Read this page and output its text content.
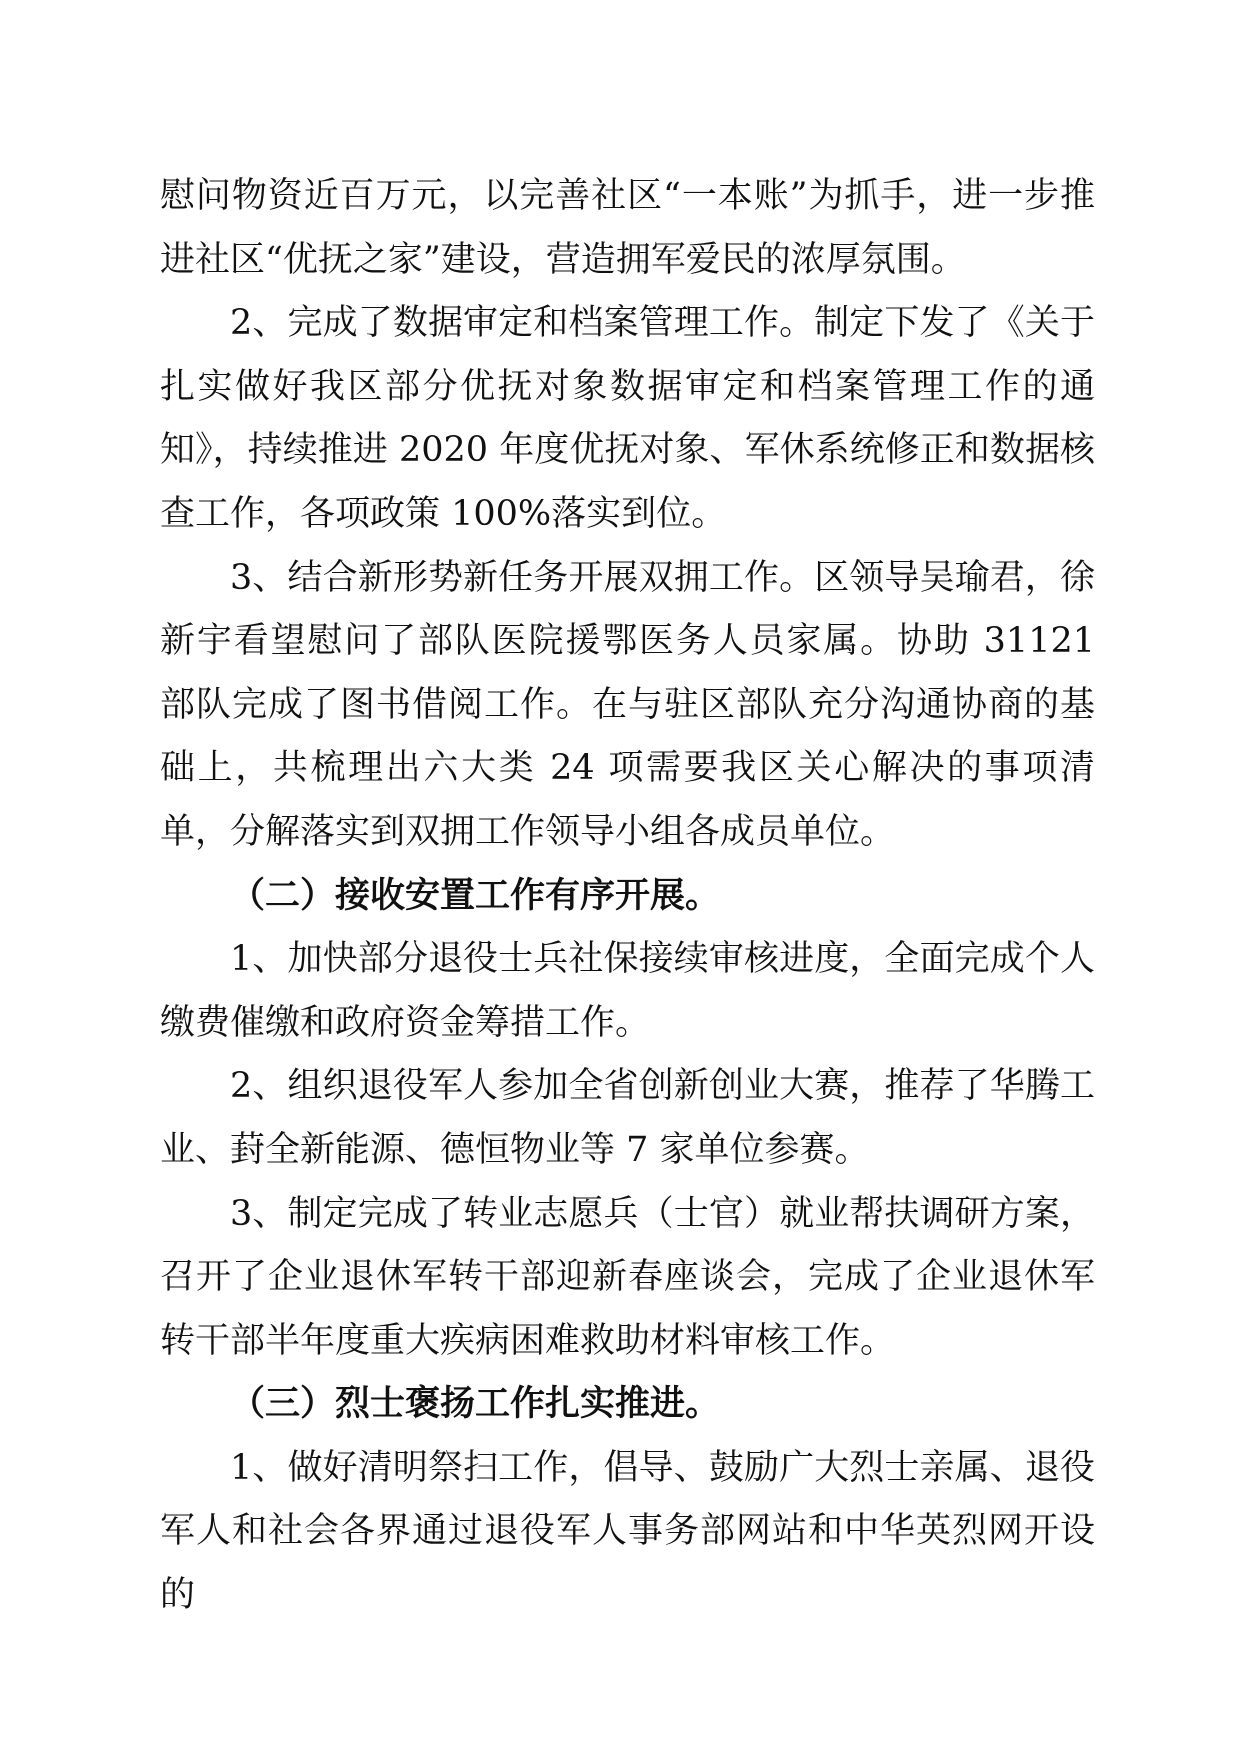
慰问物资近百万元，以完善社区“一本账”为抓手，进一步推进社区“优抚之家”建设，营造拥军爱民的浓厚氛围。

2、完成了数据审定和档案管理工作。制定下发了《关于扎实做好我区部分优抚对象数据审定和档案管理工作的通知》，持续推进 2020 年度优抚对象、军休系统修正和数据核查工作，各项政策 100%落实到位。

3、结合新形势新任务开展双拥工作。区领导吴瑜君，徐新宇看望慰问了部队医院援鄂医务人员家属。协助 31121 部队完成了图书借阅工作。在与驻区部队充分沟通协商的基础上，共梳理出六大类 24 项需要我区关心解决的事项清单，分解落实到双拥工作领导小组各成员单位。

（二）接收安置工作有序开展。

1、加快部分退役士兵社保接续审核进度，全面完成个人缴费催缴和政府资金筹措工作。

2、组织退役军人参加全省创新创业大赛，推荐了华腾工业、葑全新能源、德恒物业等 7 家单位参赛。

3、制定完成了转业志愿兵（士官）就业帮扶调研方案，召开了企业退休军转干部迎新春座谈会，完成了企业退休军转干部半年度重大疾病困难救助材料审核工作。

（三）烈士褒扬工作扎实推进。

1、做好清明祭扫工作，倡导、鼓励广大烈士亲属、退役军人和社会各界通过退役军人事务部网站和中华英烈网开设的
